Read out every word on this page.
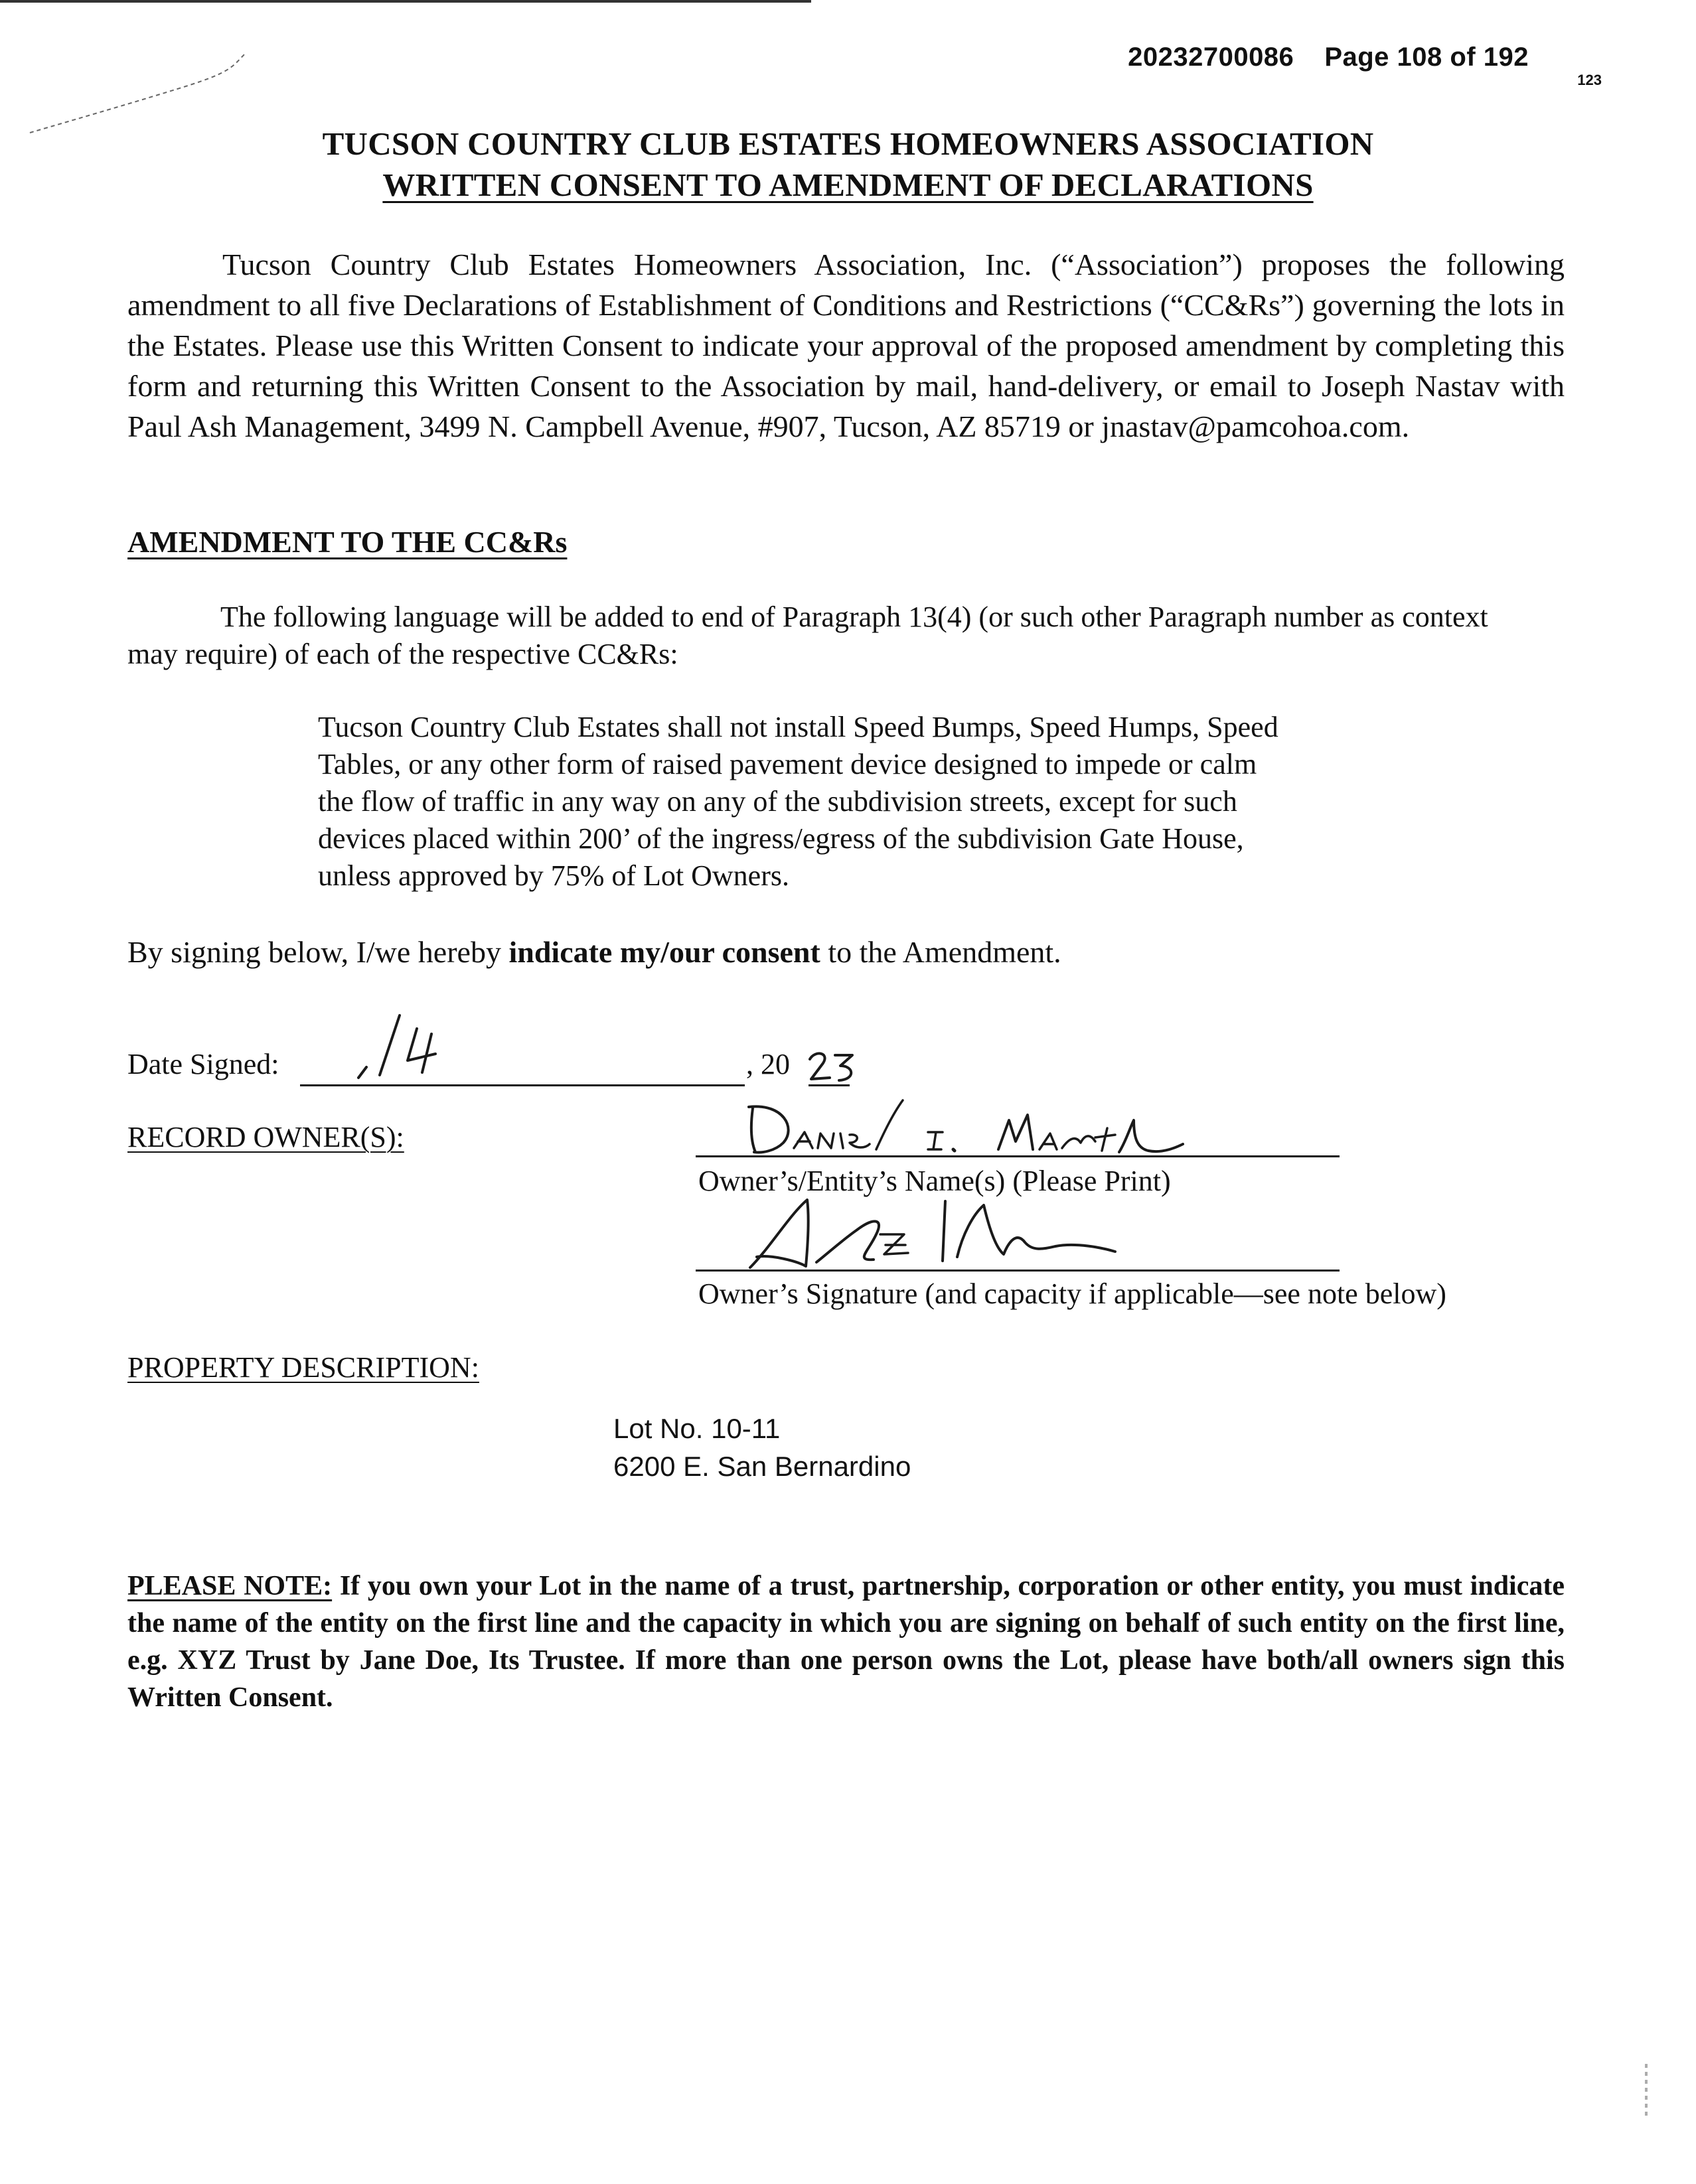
20232700086 Page 108 of 192
123
TUCSON COUNTRY CLUB ESTATES HOMEOWNERS ASSOCIATION
WRITTEN CONSENT TO AMENDMENT OF DECLARATIONS
Tucson Country Club Estates Homeowners Association, Inc. (“Association”) proposes the following amendment to all five Declarations of Establishment of Conditions and Restrictions (“CC&Rs”) governing the lots in the Estates. Please use this Written Consent to indicate your approval of the proposed amendment by completing this form and returning this Written Consent to the Association by mail, hand-delivery, or email to Joseph Nastav with Paul Ash Management, 3499 N. Campbell Avenue, #907, Tucson, AZ 85719 or jnastav@pamcohoa.com.
AMENDMENT TO THE CC&Rs
The following language will be added to end of Paragraph 13(4) (or such other Paragraph number as context may require) of each of the respective CC&Rs:
Tucson Country Club Estates shall not install Speed Bumps, Speed Humps, Speed Tables, or any other form of raised pavement device designed to impede or calm the flow of traffic in any way on any of the subdivision streets, except for such devices placed within 200’ of the ingress/egress of the subdivision Gate House, unless approved by 75% of Lot Owners.
By signing below, I/we hereby indicate my/our consent to the Amendment.
Date Signed:	, 20
RECORD OWNER(S):
Owner’s/Entity’s Name(s) (Please Print)
Owner’s Signature (and capacity if applicable—see note below)
PROPERTY DESCRIPTION:
Lot No. 10-11
6200 E. San Bernardino
PLEASE NOTE: If you own your Lot in the name of a trust, partnership, corporation or other entity, you must indicate the name of the entity on the first line and the capacity in which you are signing on behalf of such entity on the first line, e.g. XYZ Trust by Jane Doe, Its Trustee. If more than one person owns the Lot, please have both/all owners sign this Written Consent.
